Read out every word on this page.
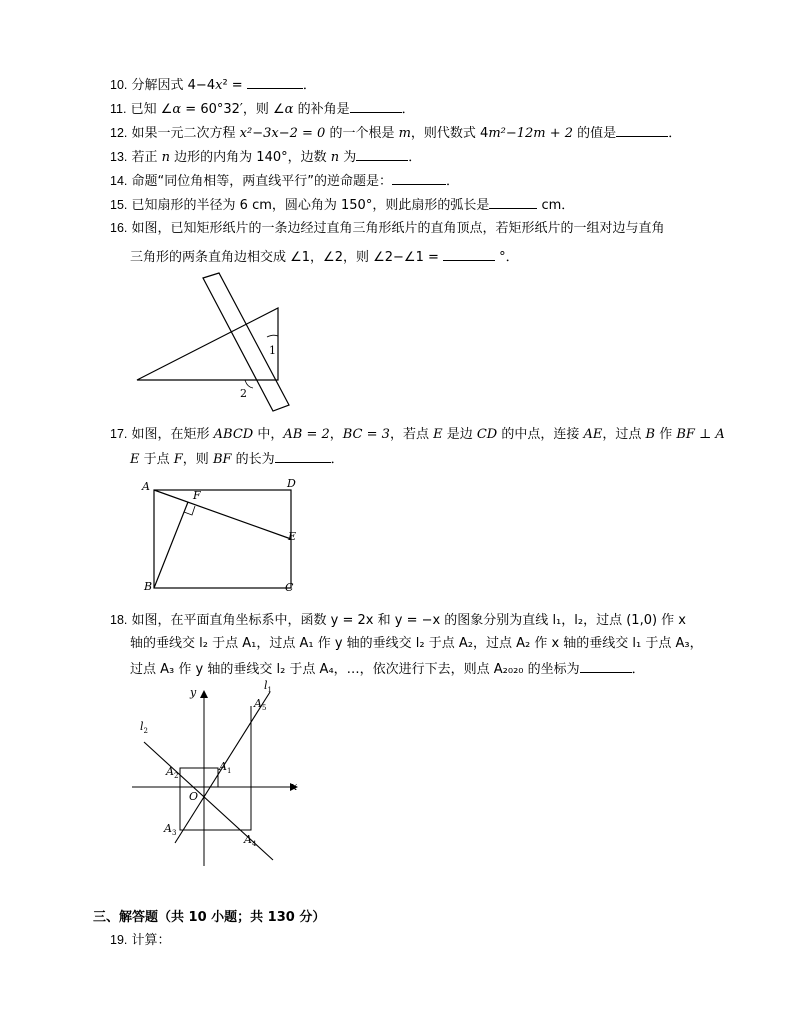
10. 分解因式 4−4x² =	．
11. 已知 ∠α = 60°32′，则 ∠α 的补角是	．
12. 如果一元二次方程 x²−3x−2 = 0 的一个根是 m，则代数式 4m²−12m + 2 的值是	．
13. 若正 n 边形的内角为 140°，边数 n 为	．
14. 命题“同位角相等，两直线平行”的逆命题是：	．
15. 已知扇形的半径为 6 cm，圆心角为 150°，则此扇形的弧长是	cm．
16. 如图，已知矩形纸片的一条边经过直角三角形纸片的直角顶点，若矩形纸片的一组对边与直角
三角形的两条直角边相交成 ∠1，∠2，则 ∠2−∠1 =	°．
1
2
17. 如图，在矩形 ABCD 中，AB = 2，BC = 3，若点 E 是边 CD 的中点，连接 AE，过点 B 作 BF ⊥ A
E 于点 F，则 BF 的长为	．
A
F
D
E
B	C
18. 如图，在平面直角坐标系中，函数 y = 2x 和 y = −x 的图象分别为直线 l₁，l₂，过点 (1,0) 作 x
轴的垂线交 l₂ 于点 A₁，过点 A₁ 作 y 轴的垂线交 l₂ 于点 A₂，过点 A₂ 作 x 轴的垂线交 l₁ 于点 A₃，
过点 A₃ 作 y 轴的垂线交 l₂ 于点 A₄，…，依次进行下去，则点 A₂₀₂₀ 的坐标为	．
$l_1$
$l_2$
x
y
O
$A_1$
$A_2$
$A_3$	$A_4$
$A_5$
三、解答题（共 10 小题；共 130 分）
19. 计算：
